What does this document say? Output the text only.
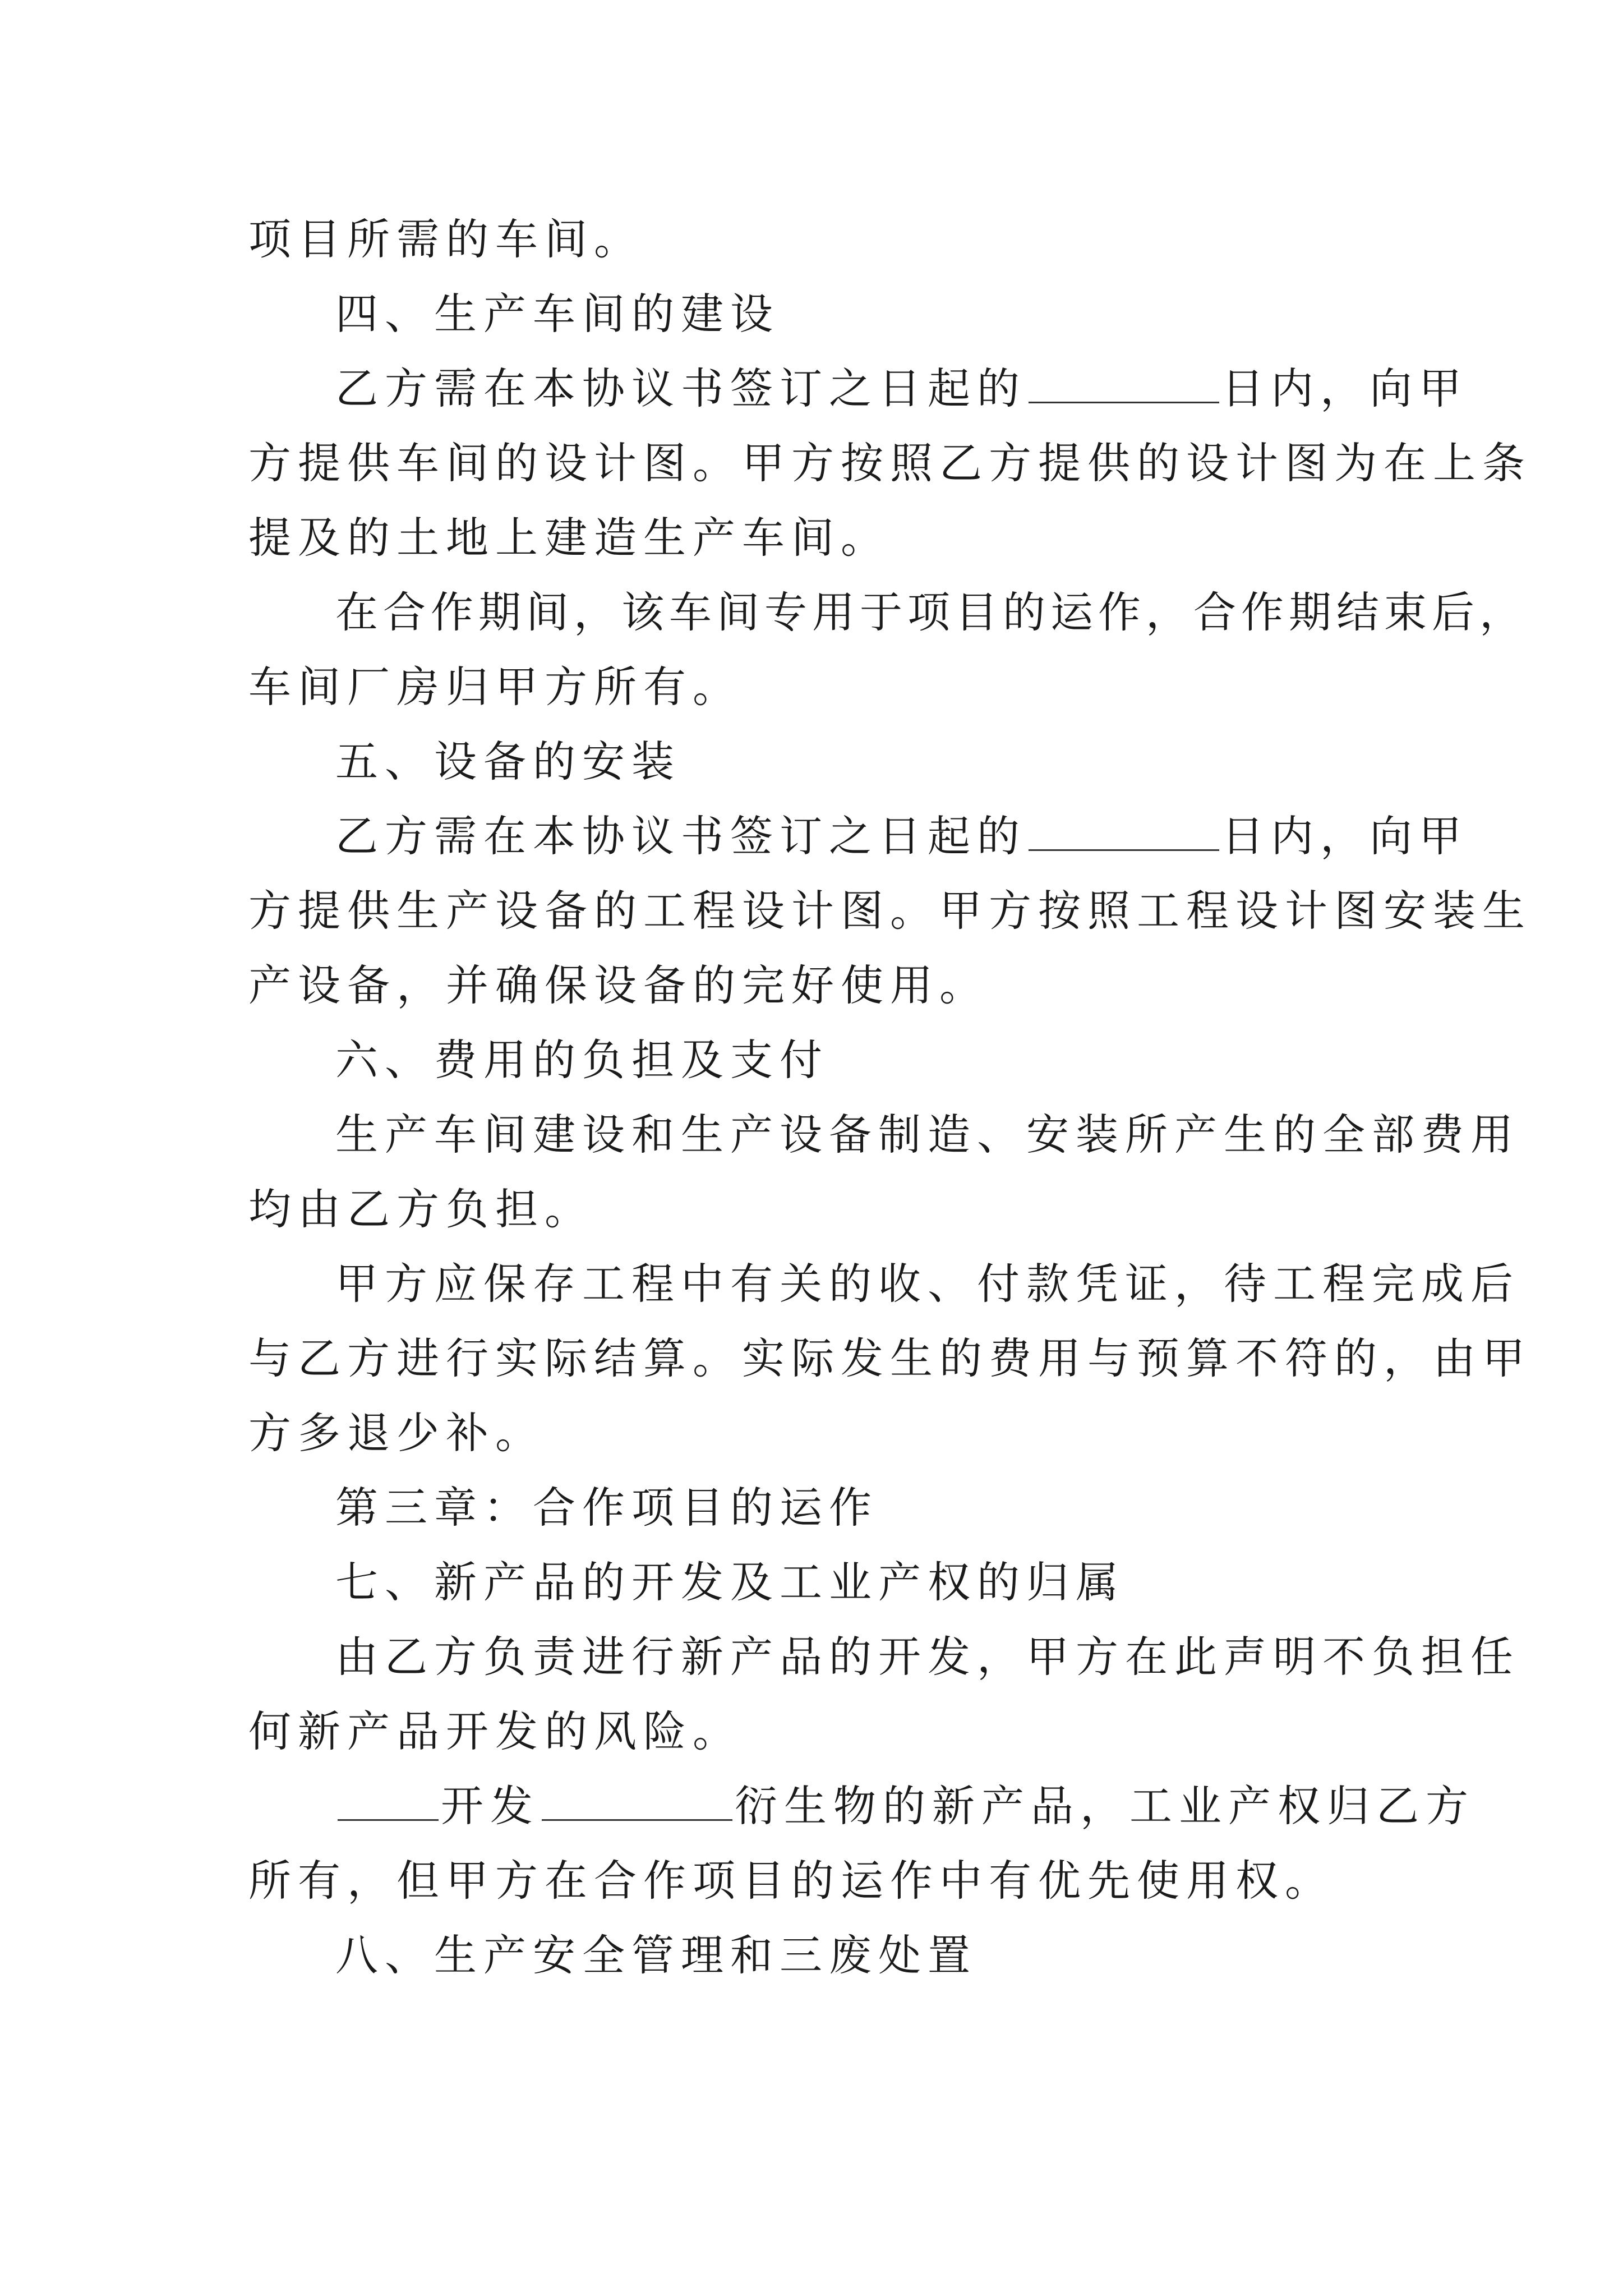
项目所需的车间。
四、生产车间的建设
乙方需在本协议书签订之日起的	日内，向甲
方提供车间的设计图。甲方按照乙方提供的设计图为在上条
提及的土地上建造生产车间。
在合作期间，该车间专用于项目的运作，合作期结束后，
车间厂房归甲方所有。
五、设备的安装
乙方需在本协议书签订之日起的	日内，向甲
方提供生产设备的工程设计图。甲方按照工程设计图安装生
产设备，并确保设备的完好使用。
六、费用的负担及支付
生产车间建设和生产设备制造、安装所产生的全部费用
均由乙方负担。
甲方应保存工程中有关的收、付款凭证，待工程完成后
与乙方进行实际结算。实际发生的费用与预算不符的，由甲
方多退少补。
第三章：合作项目的运作
七、新产品的开发及工业产权的归属
由乙方负责进行新产品的开发，甲方在此声明不负担任
何新产品开发的风险。
开发	衍生物的新产品，工业产权归乙方
所有，但甲方在合作项目的运作中有优先使用权。
八、生产安全管理和三废处置
